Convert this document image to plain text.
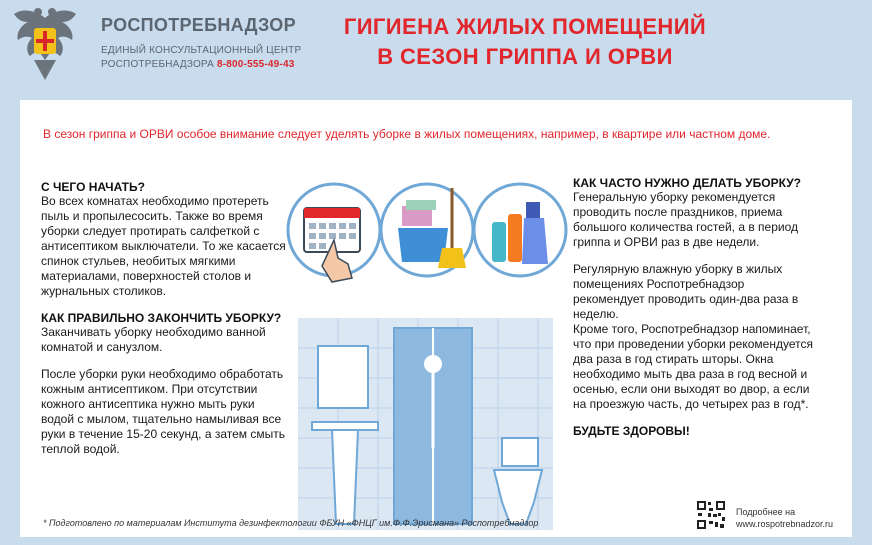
РОСПОТРЕБНАДЗОР
ЕДИНЫЙ КОНСУЛЬТАЦИОННЫЙ ЦЕНТР
РОСПОТРЕБНАДЗОРА 8-800-555-49-43
ГИГИЕНА ЖИЛЫХ ПОМЕЩЕНИЙ
В СЕЗОН ГРИППА И ОРВИ
В сезон гриппа и ОРВИ особое внимание следует уделять уборке в жилых помещениях, например, в квартире или частном доме.
С ЧЕГО НАЧАТЬ?
Во всех комнатах необходимо протереть пыль и пропылесосить. Также во время уборки следует протирать салфеткой с антисептиком выключатели. То же касается спинок стульев, необитых мягкими материалами, поверхностей столов и журнальных столиков.
КАК ПРАВИЛЬНО ЗАКОНЧИТЬ УБОРКУ?
Заканчивать уборку необходимо ванной комнатой и санузлом.
После уборки руки необходимо обработать кожным антисептиком. При отсутствии кожного антисептика нужно мыть руки водой с мылом, тщательно намыливая все руки в течение 15-20 секунд, а затем смыть теплой водой.
КАК ЧАСТО НУЖНО ДЕЛАТЬ УБОРКУ?
Генеральную уборку рекомендуется проводить после праздников, приема большого количества гостей, а в период гриппа и ОРВИ раз в две недели.
Регулярную влажную уборку в жилых помещениях Роспотребнадзор рекомендует проводить один-два раза в неделю.
Кроме того, Роспотребнадзор напоминает, что при проведении уборки рекомендуется два раза в год стирать шторы. Окна необходимо мыть два раза в год весной и осенью, если они выходят во двор, а если на проезжую часть, до четырех раз в год*.
БУДЬТЕ ЗДОРОВЫ!
* Подготовлено по материалам Института дезинфектологии ФБУН «ФНЦГ им.Ф.Ф.Эрисмана» Роспотребнадзор
Подробнее на
www.rospotrebnadzor.ru
